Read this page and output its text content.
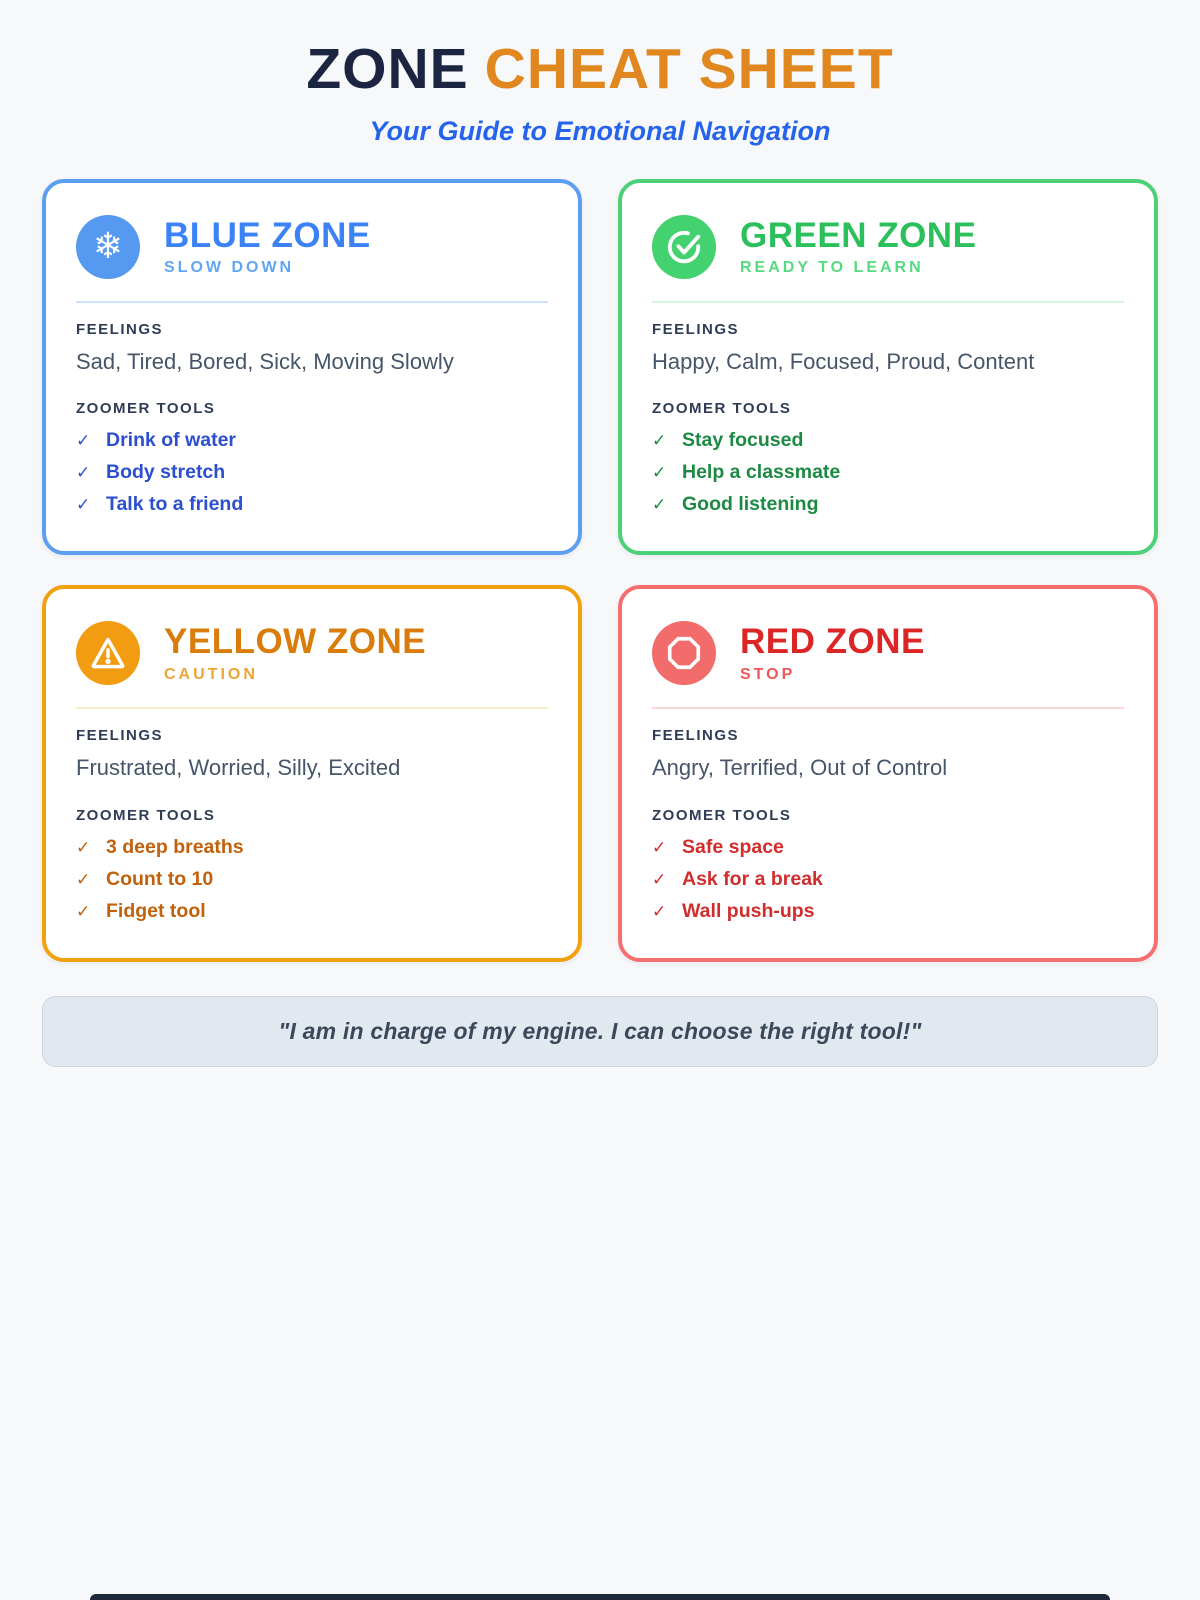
ZONE CHEAT SHEET
Your Guide to Emotional Navigation
❄ BLUE ZONE
SLOW DOWN
FEELINGS

Sad, Tired, Bored, Sick, Moving Slowly

ZOOMER TOOLS
✓ Drink of water
✓ Body stretch
✓ Talk to a friend
GREEN ZONE
READY TO LEARN
FEELINGS

Happy, Calm, Focused, Proud, Content

ZOOMER TOOLS
✓ Stay focused
✓ Help a classmate
✓ Good listening
YELLOW ZONE
CAUTION
FEELINGS

Frustrated, Worried, Silly, Excited

ZOOMER TOOLS
✓ 3 deep breaths
✓ Count to 10
✓ Fidget tool
RED ZONE
STOP
FEELINGS

Angry, Terrified, Out of Control

ZOOMER TOOLS
✓ Safe space
✓ Ask for a break
✓ Wall push-ups
"I am in charge of my engine. I can choose the right tool!"
